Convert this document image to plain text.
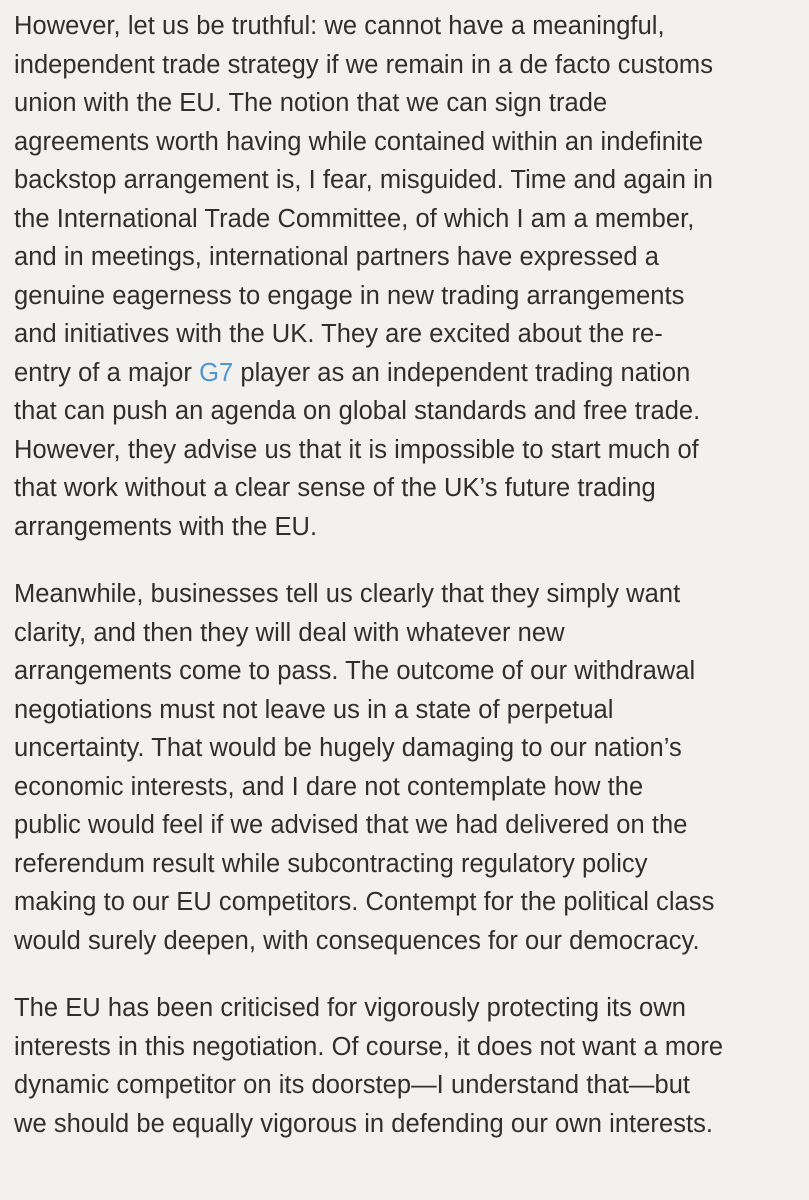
However, let us be truthful: we cannot have a meaningful,
independent trade strategy if we remain in a de facto customs
union with the EU. The notion that we can sign trade
agreements worth having while contained within an indefinite
backstop arrangement is, I fear, misguided. Time and again in
the International Trade Committee, of which I am a member,
and in meetings, international partners have expressed a
genuine eagerness to engage in new trading arrangements
and initiatives with the UK. They are excited about the re-
entry of a major G7 player as an independent trading nation
that can push an agenda on global standards and free trade.
However, they advise us that it is impossible to start much of
that work without a clear sense of the UK’s future trading
arrangements with the EU.

Meanwhile, businesses tell us clearly that they simply want
clarity, and then they will deal with whatever new
arrangements come to pass. The outcome of our withdrawal
negotiations must not leave us in a state of perpetual
uncertainty. That would be hugely damaging to our nation’s
economic interests, and I dare not contemplate how the
public would feel if we advised that we had delivered on the
referendum result while subcontracting regulatory policy
making to our EU competitors. Contempt for the political class
would surely deepen, with consequences for our democracy.

The EU has been criticised for vigorously protecting its own
interests in this negotiation. Of course, it does not want a more
dynamic competitor on its doorstep—I understand that—but
we should be equally vigorous in defending our own interests.
